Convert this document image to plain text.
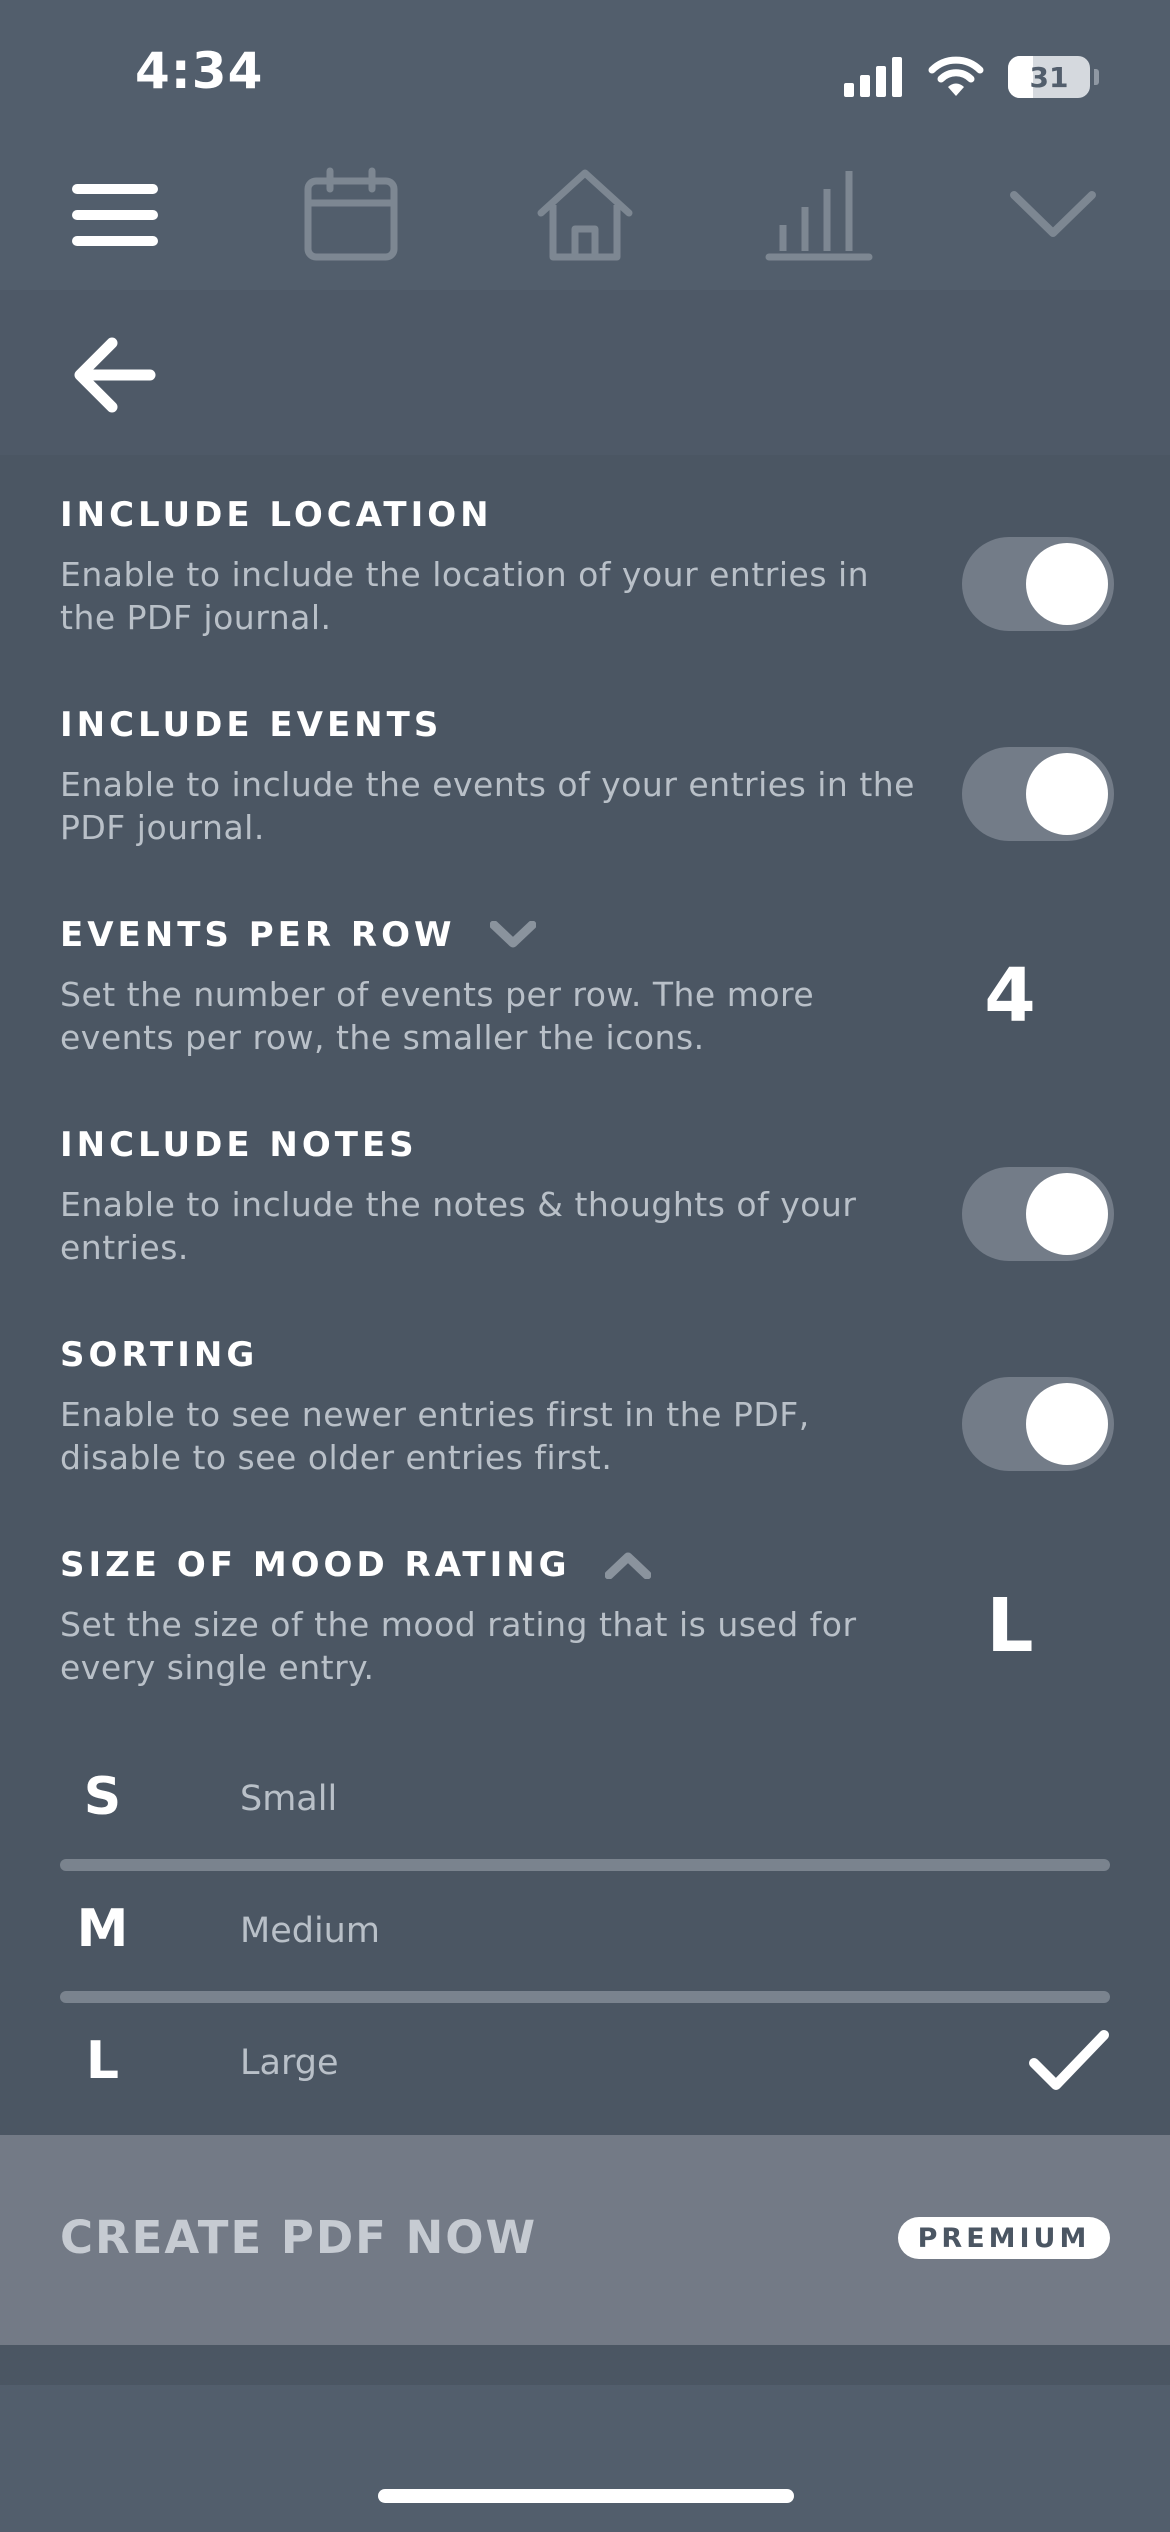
4:34	31
INCLUDE LOCATION
Enable to include the location of your entries in the PDF journal.
INCLUDE EVENTS
Enable to include the events of your entries in the PDF journal.
EVENTS PER ROW
Set the number of events per row. The more events per row, the smaller the icons.	4
INCLUDE NOTES
Enable to include the notes & thoughts of your entries.
SORTING
Enable to see newer entries first in the PDF, disable to see older entries first.
SIZE OF MOOD RATING
Set the size of the mood rating that is used for every single entry.	L
S	Small
M	Medium
L	Large
CREATE PDF NOW	PREMIUM
